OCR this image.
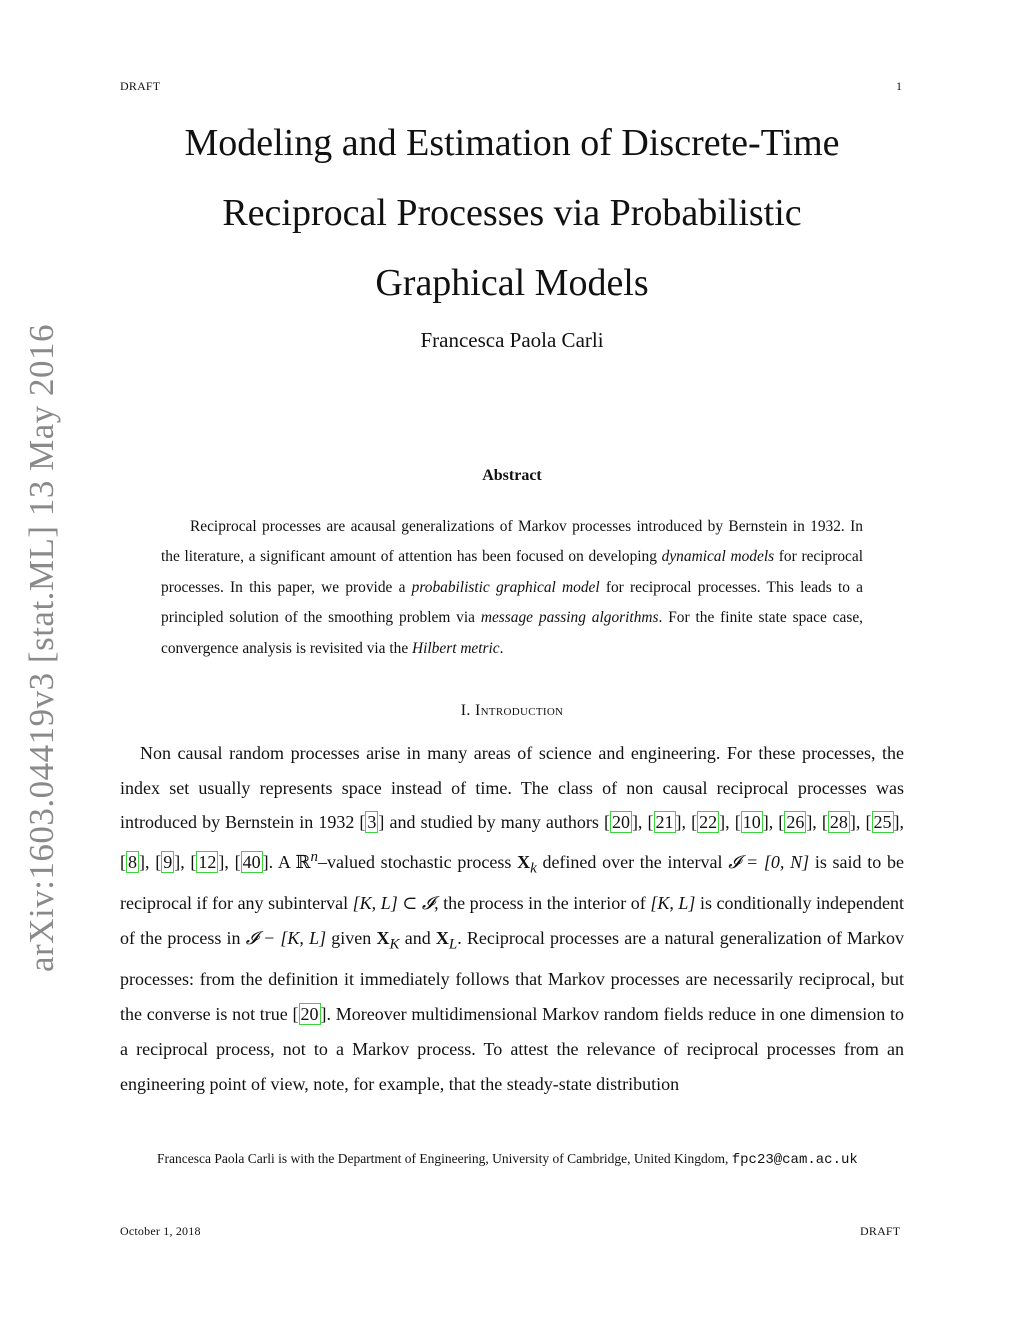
DRAFT	1
arXiv:1603.04419v3 [stat.ML] 13 May 2016
Modeling and Estimation of Discrete-Time
Reciprocal Processes via Probabilistic
Graphical Models
Francesca Paola Carli
Abstract

Reciprocal processes are acausal generalizations of Markov processes introduced by Bernstein in 1932. In the literature, a significant amount of attention has been focused on developing dynamical models for reciprocal processes. In this paper, we provide a probabilistic graphical model for reciprocal processes. This leads to a principled solution of the smoothing problem via message passing algorithms. For the finite state space case, convergence analysis is revisited via the Hilbert metric.

I. Introduction

Non causal random processes arise in many areas of science and engineering. For these processes, the index set usually represents space instead of time. The class of non causal reciprocal processes was introduced by Bernstein in 1932 [ 3 ] and studied by many authors [ 20 ], [ 21 ], [ 22 ], [ 10 ], [ 26 ], [ 28 ], [ 25 ], [ 8 ], [ 9 ], [ 12 ], [ 40 ]. A ℝ$^n$–valued stochastic process $X_k$ defined over the interval 𝓘 = [0, N] is said to be reciprocal if for any subinterval [K, L] ⊂ 𝓘, the process in the interior of [K, L] is conditionally independent of the process in 𝓘 − [K, L] given $X_K$ and $X_L$. Reciprocal processes are a natural generalization of Markov processes: from the definition it immediately follows that Markov processes are necessarily reciprocal, but the converse is not true [ 20 ]. Moreover multidimensional Markov random fields reduce in one dimension to a reciprocal process, not to a Markov process. To attest the relevance of reciprocal processes from an engineering point of view, note, for example, that the steady-state distribution

Francesca Paola Carli is with the Department of Engineering, University of Cambridge, United Kingdom, fpc23@cam.ac.uk

October 1, 2018	DRAFT
